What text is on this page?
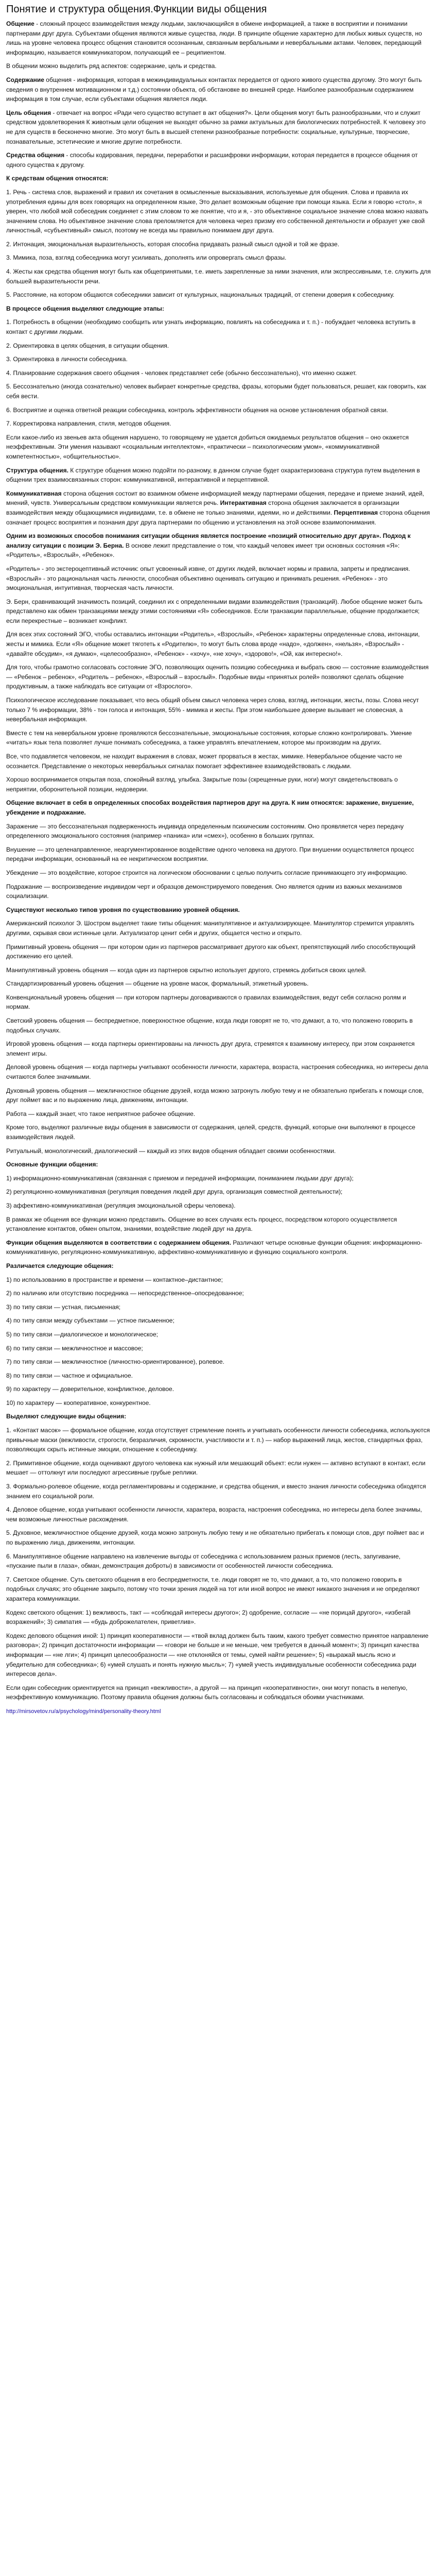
Понятие и структура общения.Функции виды общения

Общение - сложный процесс взаимодействия между людьми, заключающийся в обмене информацией, а также в восприятии и понимании партнерами друг друга. Субъектами общения являются живые существа, люди. В принципе общение характерно для любых живых существ, но лишь на уровне человека процесс общения становится осознанным, связанным вербальными и невербальными актами. Человек, передающий информацию, называется коммуникатором, получающий ее – реципиентом.

В общении можно выделить ряд аспектов: содержание, цель и средства.

Содержание общения - информация, которая в межиндивидуальных контактах передается от одного живого существа другому. Это могут быть сведения о внутреннем мотивационном и т.д.) состоянии объекта, об обстановке во внешней среде. Наиболее разнообразным содержанием информация в том случае, если субъектами общения является люди.

Цель общения - отвечает на вопрос «Ради чего существо вступает в акт общения?». Цели общения могут быть разнообразными, что и служит средством удовлетворения К животным цели общения не выходят обычно за рамки актуальных для биологических потребностей. К человеку это не для существ в бесконечно многие. Это могут быть в высшей степени разнообразные потребности: социальные, культурные, творческие, познавательные, эстетические и многие другие потребности.

Средства общения - способы кодирования, передачи, переработки и расшифровки информации, которая передается в процессе общения от одного существа к другому.

К средствам общения относятся:

1. Речь - система слов, выражений и правил их сочетания в осмысленные высказывания, используемые для общения. Слова и правила их употребления едины для всех говорящих на определенном языке, Это делает возможным общение при помощи языка. Если я говорю «стол», я уверен, что любой мой собеседник соединяет с этим словом то же понятие, что и я, - это объективное социальное значение слова можно назвать значением слова. Но объективное значение слова преломляется для человека через призму его собственной деятельности и образует уже свой личностный, «субъективный» смысл, поэтому не всегда мы правильно понимаем друг друга.

2. Интонация, эмоциональная выразительность, которая способна придавать разный смысл одной и той же фразе.

3. Мимика, поза, взгляд собеседника могут усиливать, дополнять или опровергать смысл фразы.

4. Жесты как средства общения могут быть как общепринятыми, т.е. иметь закрепленные за ними значения, или экспрессивными, т.е. служить для большей выразительности речи.

5. Расстояние, на котором общаются собеседники зависит от культурных, национальных традиций, от степени доверия к собеседнику.

В процессе общения выделяют следующие этапы:

1. Потребность в общении (необходимо сообщить или узнать информацию, повлиять на собеседника и т. п.) - побуждает человека вступить в контакт с другими людьми.

2. Ориентировка в целях общения, в ситуации общения.

3. Ориентировка в личности собеседника.

4. Планирование содержания своего общения - человек представляет себе (обычно бессознательно), что именно скажет.

5. Бессознательно (иногда сознательно) человек выбирает конкретные средства, фразы, которыми будет пользоваться, решает, как говорить, как себя вести.

6. Восприятие и оценка ответной реакции собеседника, контроль эффективности общения на основе установления обратной связи.

7. Корректировка направления, стиля, методов общения.

Если какое-либо из звеньев акта общения нарушено, то говорящему не удается добиться ожидаемых результатов общения – оно окажется неэффективным. Эти умения называют «социальным интеллектом», «практически – психологическим умом», «коммуникативной компетентностью», «общительностью».

Структура общения. К структуре общения можно подойти по-разному, в данном случае будет охарактеризована структура путем выделения в общении трех взаимосвязанных сторон: коммуникативной, интерактивной и перцептивной.

Коммуникативная сторона общения состоит во взаимном обмене информацией между партнерами общения, передаче и приеме знаний, идей, мнений, чувств. Универсальным средством коммуникации является речь. Интерактивная сторона общения заключается в организации взаимодействия между общающимися индивидами, т.е. в обмене не только знаниями, идеями, но и действиями. Перцептивная сторона общения означает процесс восприятия и познания друг друга партнерами по общению и установления на этой основе взаимопонимания.

Одним из возможных способов понимания ситуации общения является построение «позиций относительно друг друга». Подход к анализу ситуации с позиции Э. Берна. В основе лежит представление о том, что каждый человек имеет три основных состояния «Я»: «Родитель», «Взрослый», «Ребенок».

«Родитель» - это экстероцептивный источник: опыт усвоенный извне, от других людей, включает нормы и правила, запреты и предписания. «Взрослый» - это рациональная часть личности, способная объективно оценивать ситуацию и принимать решения. «Ребенок» - это эмоциональная, интуитивная, творческая часть личности.

Э. Берн, сравнивающий значимость позиций, соединил их с определенными видами взаимодействия (транзакций). Любое общение может быть представлено как обмен транзакциями между этими состояниями «Я» собеседников. Если транзакции параллельные, общение продолжается; если перекрестные – возникает конфликт.

Для всех этих состояний ЭГО, чтобы оставались интонации «Родитель», «Взрослый», «Ребенок» характерны определенные слова, интонации, жесты и мимика. Если «Я» общение может тяготеть к «Родителю», то могут быть слова вроде «надо», «должен», «нельзя», «Взрослый» - «давайте обсудим», «я думаю», «целесообразно», «Ребенок» - «хочу», «не хочу», «здорово!», «Ой, как интересно!».

Для того, чтобы грамотно согласовать состояние ЭГО, позволяющих оценить позицию собеседника и выбрать свою — состояние взаимодействия — «Ребенок – ребенок», «Родитель – ребенок», «Взрослый – взрослый». Подобные виды «принятых ролей» позволяют сделать общение продуктивным, а также наблюдать все ситуации от «Взрослого».

Психологическое исследование показывает, что весь общий объем смысл человека через слова, взгляд, интонации, жесты, позы. Слова несут только 7 % информации, 38% - тон голоса и интонация, 55% - мимика и жесты. При этом наибольшее доверие вызывает не словесная, а невербальная информация.

Вместе с тем на невербальном уровне проявляются бессознательные, эмоциональные состояния, которые сложно контролировать. Умение «читать» язык тела позволяет лучше понимать собеседника, а также управлять впечатлением, которое мы производим на других.

Все, что подавляется человеком, не находит выражения в словах, может прорваться в жестах, мимике. Невербальное общение часто не осознается. Представление о некоторых невербальных сигналах помогает эффективнее взаимодействовать с людьми.

Хорошо воспринимается открытая поза, спокойный взгляд, улыбка. Закрытые позы (скрещенные руки, ноги) могут свидетельствовать о неприятии, оборонительной позиции, недоверии.

Общение включает в себя в определенных способах воздействия партнеров друг на друга. К ним относятся: заражение, внушение, убеждение и подражание.

Заражение — это бессознательная подверженность индивида определенным психическим состояниям. Оно проявляется через передачу определенного эмоционального состояния (например «паника» или «смех»), особенно в больших группах.

Внушение — это целенаправленное, неаргументированное воздействие одного человека на другого. При внушении осуществляется процесс передачи информации, основанный на ее некритическом восприятии.

Убеждение — это воздействие, которое строится на логическом обосновании с целью получить согласие принимающего эту информацию.

Подражание — воспроизведение индивидом черт и образцов демонстрируемого поведения. Оно является одним из важных механизмов социализации.

Существуют несколько типов уровня по существованию уровней общения.

Американский психолог Э. Шостром выделяет такие типы общения: манипулятивное и актуализирующее. Манипулятор стремится управлять другими, скрывая свои истинные цели. Актуализатор ценит себя и других, общается честно и открыто.

Примитивный уровень общения — при котором один из партнеров рассматривает другого как объект, препятствующий либо способствующий достижению его целей.

Манипулятивный уровень общения — когда один из партнеров скрытно использует другого, стремясь добиться своих целей.

Стандартизированный уровень общения — общение на уровне масок, формальный, этикетный уровень.

Конвенциональный уровень общения — при котором партнеры договариваются о правилах взаимодействия, ведут себя согласно ролям и нормам.

Светский уровень общения — беспредметное, поверхностное общение, когда люди говорят не то, что думают, а то, что положено говорить в подобных случаях.

Игровой уровень общения — когда партнеры ориентированы на личность друг друга, стремятся к взаимному интересу, при этом сохраняется элемент игры.

Деловой уровень общения — когда партнеры учитывают особенности личности, характера, возраста, настроения собеседника, но интересы дела считаются более значимыми.

Духовный уровень общения — межличностное общение друзей, когда можно затронуть любую тему и не обязательно прибегать к помощи слов, друг поймет вас и по выражению лица, движениям, интонации.

Работа — каждый знает, что такое неприятное рабочее общение.

Кроме того, выделяют различные виды общения в зависимости от содержания, целей, средств, функций, которые они выполняют в процессе взаимодействия людей.

Ритуальный, монологический, диалогический — каждый из этих видов общения обладает своими особенностями.

Основные функции общения:

1) информационно-коммуникативная (связанная с приемом и передачей информации, пониманием людьми друг друга);

2) регуляционно-коммуникативная (регуляция поведения людей друг друга, организация совместной деятельности);

3) аффективно-коммуникативная (регуляция эмоциональной сферы человека).

В рамках же общения все функции можно представить. Общение во всех случаях есть процесс, посредством которого осуществляется установление контактов, обмен опытом, знаниями, воздействие людей друг на друга.

Функции общения выделяются в соответствии с содержанием общения. Различают четыре основные функции общения: информационно-коммуникативную, регуляционно-коммуникативную, аффективно-коммуникативную и функцию социального контроля.

Различается следующие общения:

1) по использованию в пространстве и времени — контактное–дистантное;

2) по наличию или отсутствию посредника — непосредственное–опосредованное;

3) по типу связи — устная, письменная;

4) по типу связи между субъектами — устное письменное;

5) по типу связи —диалогическое и монологическое;

6) по типу связи — межличностное и массовое;

7) по типу связи — межличностное (личностно-ориентированное), ролевое.

8) по типу связи — частное и официальное.

9) по характеру — доверительное, конфликтное, деловое.

10) по характеру — кооперативное, конкурентное.

Выделяют следующие виды общения:

1. «Контакт масок» — формальное общение, когда отсутствует стремление понять и учитывать особенности личности собеседника, используются привычные маски (вежливости, строгости, безразличия, скромности, участливости и т. п.) — набор выражений лица, жестов, стандартных фраз, позволяющих скрыть истинные эмоции, отношение к собеседнику.

2. Примитивное общение, когда оценивают другого человека как нужный или мешающий объект: если нужен — активно вступают в контакт, если мешает — оттолкнут или последуют агрессивные грубые реплики.

3. Формально-ролевое общение, когда регламентированы и содержание, и средства общения, и вместо знания личности собеседника обходятся знанием его социальной роли.

4. Деловое общение, когда учитывают особенности личности, характера, возраста, настроения собеседника, но интересы дела более значимы, чем возможные личностные расхождения.

5. Духовное, межличностное общение друзей, когда можно затронуть любую тему и не обязательно прибегать к помощи слов, друг поймет вас и по выражению лица, движениям, интонации.

6. Манипулятивное общение направлено на извлечение выгоды от собеседника с использованием разных приемов (лесть, запугивание, «пускание пыли в глаза», обман, демонстрация доброты) в зависимости от особенностей личности собеседника.

7. Светское общение. Суть светского общения в его беспредметности, т.е. люди говорят не то, что думают, а то, что положено говорить в подобных случаях; это общение закрыто, потому что точки зрения людей на тот или иной вопрос не имеют никакого значения и не определяют характера коммуникации.

Кодекс светского общения: 1) вежливость, такт — «соблюдай интересы другого»; 2) одобрение, согласие — «не порицай другого», «избегай возражений»; 3) симпатия — «будь доброжелателен, приветлив».

Кодекс делового общения иной: 1) принцип кооперативности — «твой вклад должен быть таким, какого требует совместно принятое направление разговора»; 2) принцип достаточности информации — «говори не больше и не меньше, чем требуется в данный момент»; 3) принцип качества информации — «не лги»; 4) принцип целесообразности — «не отклоняйся от темы, сумей найти решение»; 5) «выражай мысль ясно и убедительно для собеседника»; 6) «умей слушать и понять нужную мысль»; 7) «умей учесть индивидуальные особенности собеседника ради интересов дела».

Если один собеседник ориентируется на принцип «вежливости», а другой — на принцип «кооперативности», они могут попасть в нелепую, неэффективную коммуникацию. Поэтому правила общения должны быть согласованы и соблюдаться обоими участниками.

http://mirsovetov.ru/a/psychology/mind/personality-theory.html
